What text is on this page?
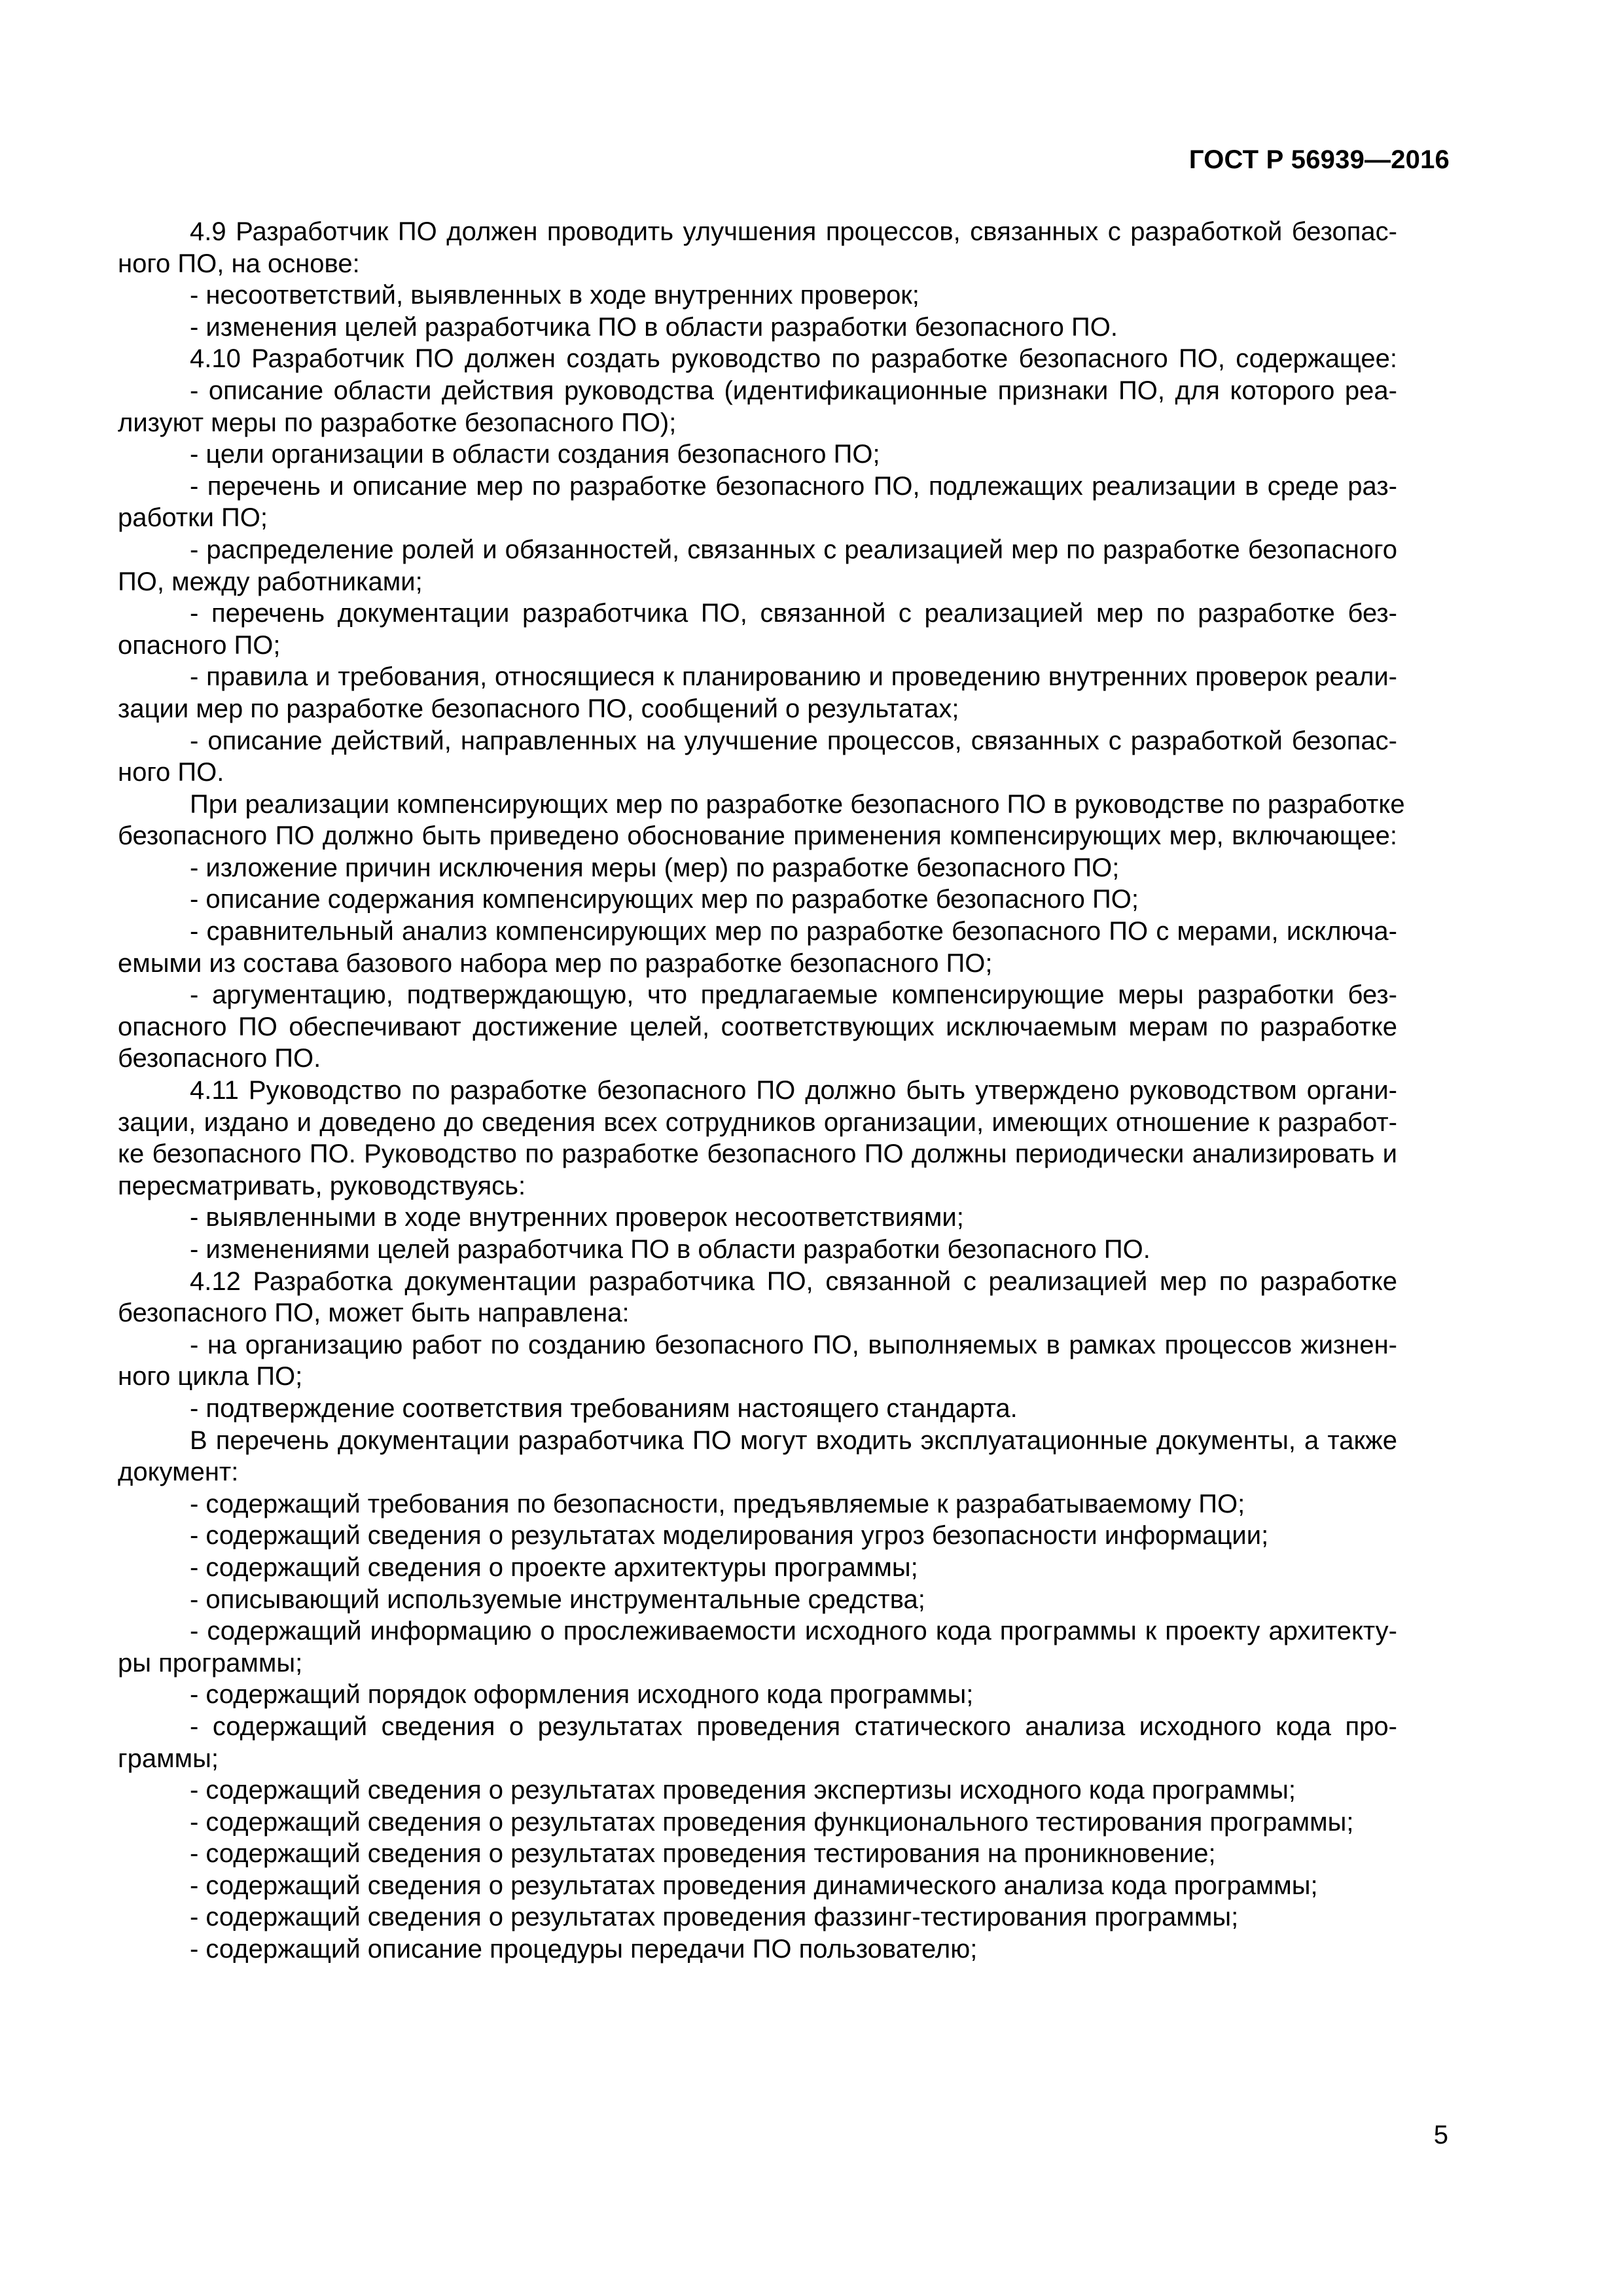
ГОСТ Р 56939—2016
4.9 Разработчик ПО должен проводить улучшения процессов, связанных с разработкой безопас-
ного ПО, на основе:
- несоответствий, выявленных в ходе внутренних проверок;
- изменения целей разработчика ПО в области разработки безопасного ПО.
4.10 Разработчик ПО должен создать руководство по разработке безопасного ПО, содержащее:
- описание области действия руководства (идентификационные признаки ПО, для которого реа-
лизуют меры по разработке безопасного ПО);
- цели организации в области создания безопасного ПО;
- перечень и описание мер по разработке безопасного ПО, подлежащих реализации в среде раз-
работки ПО;
- распределение ролей и обязанностей, связанных с реализацией мер по разработке безопасного
ПО, между работниками;
- перечень документации разработчика ПО, связанной с реализацией мер по разработке без-
опасного ПО;
- правила и требования, относящиеся к планированию и проведению внутренних проверок реали-
зации мер по разработке безопасного ПО, сообщений о результатах;
- описание действий, направленных на улучшение процессов, связанных с разработкой безопас-
ного ПО.
При реализации компенсирующих мер по разработке безопасного ПО в руководстве по разработке
безопасного ПО должно быть приведено обоснование применения компенсирующих мер, включающее:
- изложение причин исключения меры (мер) по разработке безопасного ПО;
- описание содержания компенсирующих мер по разработке безопасного ПО;
- сравнительный анализ компенсирующих мер по разработке безопасного ПО с мерами, исключа-
емыми из состава базового набора мер по разработке безопасного ПО;
- аргументацию, подтверждающую, что предлагаемые компенсирующие меры разработки без-
опасного ПО обеспечивают достижение целей, соответствующих исключаемым мерам по разработке
безопасного ПО.
4.11 Руководство по разработке безопасного ПО должно быть утверждено руководством органи-
зации, издано и доведено до сведения всех сотрудников организации, имеющих отношение к разработ-
ке безопасного ПО. Руководство по разработке безопасного ПО должны периодически анализировать и
пересматривать, руководствуясь:
- выявленными в ходе внутренних проверок несоответствиями;
- изменениями целей разработчика ПО в области разработки безопасного ПО.
4.12 Разработка документации разработчика ПО, связанной с реализацией мер по разработке
безопасного ПО, может быть направлена:
- на организацию работ по созданию безопасного ПО, выполняемых в рамках процессов жизнен-
ного цикла ПО;
- подтверждение соответствия требованиям настоящего стандарта.
В перечень документации разработчика ПО могут входить эксплуатационные документы, а также
документ:
- содержащий требования по безопасности, предъявляемые к разрабатываемому ПО;
- содержащий сведения о результатах моделирования угроз безопасности информации;
- содержащий сведения о проекте архитектуры программы;
- описывающий используемые инструментальные средства;
- содержащий информацию о прослеживаемости исходного кода программы к проекту архитекту-
ры программы;
- содержащий порядок оформления исходного кода программы;
- содержащий сведения о результатах проведения статического анализа исходного кода про-
граммы;
- содержащий сведения о результатах проведения экспертизы исходного кода программы;
- содержащий сведения о результатах проведения функционального тестирования программы;
- содержащий сведения о результатах проведения тестирования на проникновение;
- содержащий сведения о результатах проведения динамического анализа кода программы;
- содержащий сведения о результатах проведения фаззинг-тестирования программы;
- содержащий описание процедуры передачи ПО пользователю;
5
